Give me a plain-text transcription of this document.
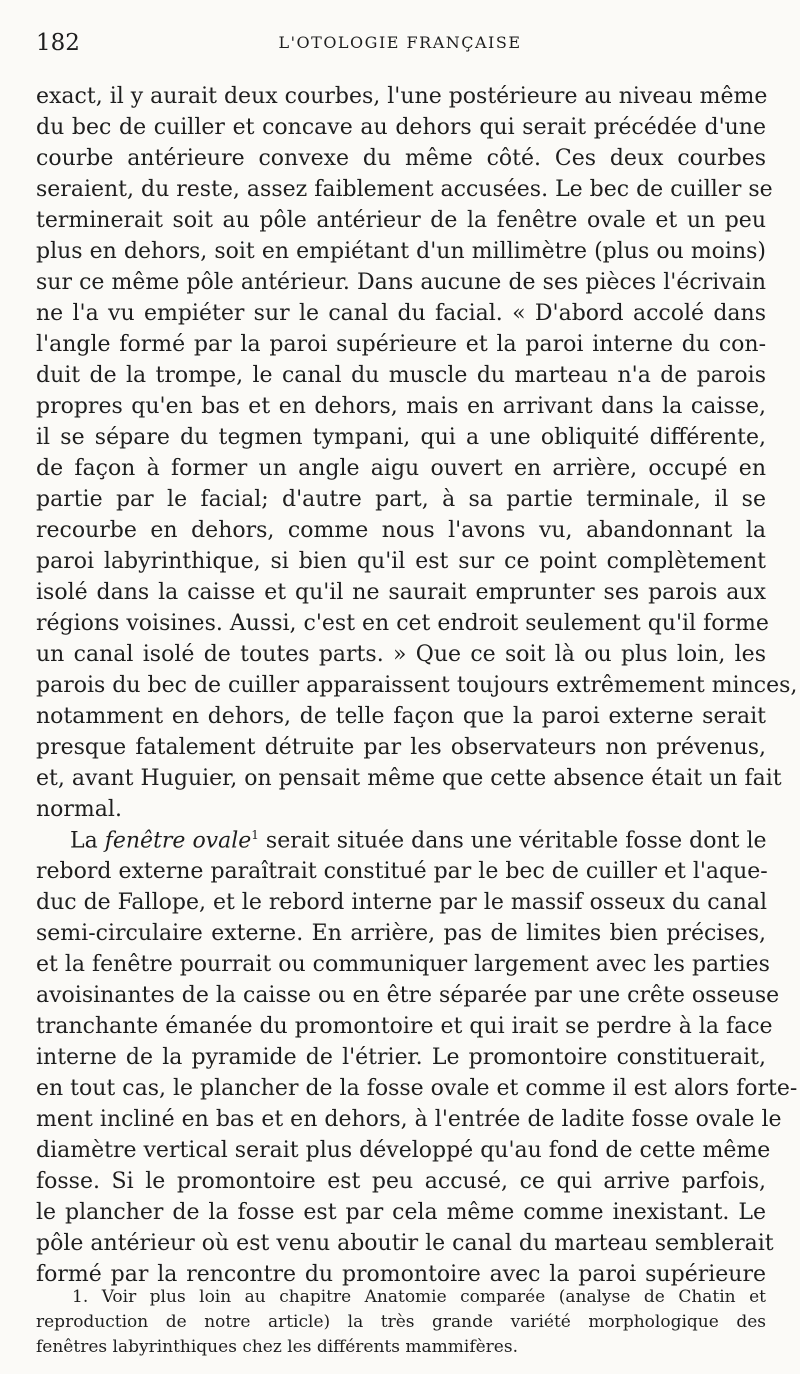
182	L'OTOLOGIE FRANÇAISE
exact, il y aurait deux courbes, l'une postérieure au niveau même
du bec de cuiller et concave au dehors qui serait précédée d'une
courbe antérieure convexe du même côté. Ces deux courbes
seraient, du reste, assez faiblement accusées. Le bec de cuiller se
terminerait soit au pôle antérieur de la fenêtre ovale et un peu
plus en dehors, soit en empiétant d'un millimètre (plus ou moins)
sur ce même pôle antérieur. Dans aucune de ses pièces l'écrivain
ne l'a vu empiéter sur le canal du facial. « D'abord accolé dans
l'angle formé par la paroi supérieure et la paroi interne du con-
duit de la trompe, le canal du muscle du marteau n'a de parois
propres qu'en bas et en dehors, mais en arrivant dans la caisse,
il se sépare du tegmen tympani, qui a une obliquité différente,
de façon à former un angle aigu ouvert en arrière, occupé en
partie par le facial; d'autre part, à sa partie terminale, il se
recourbe en dehors, comme nous l'avons vu, abandonnant la
paroi labyrinthique, si bien qu'il est sur ce point complètement
isolé dans la caisse et qu'il ne saurait emprunter ses parois aux
régions voisines. Aussi, c'est en cet endroit seulement qu'il forme
un canal isolé de toutes parts. » Que ce soit là ou plus loin, les
parois du bec de cuiller apparaissent toujours extrêmement minces,
notamment en dehors, de telle façon que la paroi externe serait
presque fatalement détruite par les observateurs non prévenus,
et, avant Huguier, on pensait même que cette absence était un fait
normal.
La fenêtre ovale$^1$ serait située dans une véritable fosse dont le
rebord externe paraîtrait constitué par le bec de cuiller et l'aque-
duc de Fallope, et le rebord interne par le massif osseux du canal
semi-circulaire externe. En arrière, pas de limites bien précises,
et la fenêtre pourrait ou communiquer largement avec les parties
avoisinantes de la caisse ou en être séparée par une crête osseuse
tranchante émanée du promontoire et qui irait se perdre à la face
interne de la pyramide de l'étrier. Le promontoire constituerait,
en tout cas, le plancher de la fosse ovale et comme il est alors forte-
ment incliné en bas et en dehors, à l'entrée de ladite fosse ovale le
diamètre vertical serait plus développé qu'au fond de cette même
fosse. Si le promontoire est peu accusé, ce qui arrive parfois,
le plancher de la fosse est par cela même comme inexistant. Le
pôle antérieur où est venu aboutir le canal du marteau semblerait
formé par la rencontre du promontoire avec la paroi supérieure
1. Voir plus loin au chapitre Anatomie comparée (analyse de Chatin et
reproduction de notre article) la très grande variété morphologique des
fenêtres labyrinthiques chez les différents mammifères.
